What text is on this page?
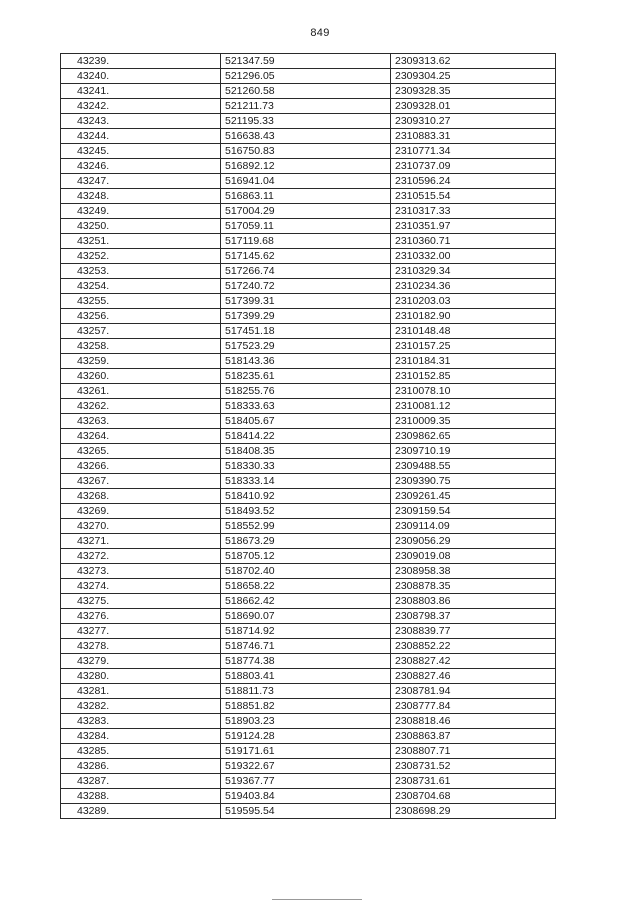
849
43239.	521347.59	2309313.62
43240.	521296.05	2309304.25
43241.	521260.58	2309328.35
43242.	521211.73	2309328.01
43243.	521195.33	2309310.27
43244.	516638.43	2310883.31
43245.	516750.83	2310771.34
43246.	516892.12	2310737.09
43247.	516941.04	2310596.24
43248.	516863.11	2310515.54
43249.	517004.29	2310317.33
43250.	517059.11	2310351.97
43251.	517119.68	2310360.71
43252.	517145.62	2310332.00
43253.	517266.74	2310329.34
43254.	517240.72	2310234.36
43255.	517399.31	2310203.03
43256.	517399.29	2310182.90
43257.	517451.18	2310148.48
43258.	517523.29	2310157.25
43259.	518143.36	2310184.31
43260.	518235.61	2310152.85
43261.	518255.76	2310078.10
43262.	518333.63	2310081.12
43263.	518405.67	2310009.35
43264.	518414.22	2309862.65
43265.	518408.35	2309710.19
43266.	518330.33	2309488.55
43267.	518333.14	2309390.75
43268.	518410.92	2309261.45
43269.	518493.52	2309159.54
43270.	518552.99	2309114.09
43271.	518673.29	2309056.29
43272.	518705.12	2309019.08
43273.	518702.40	2308958.38
43274.	518658.22	2308878.35
43275.	518662.42	2308803.86
43276.	518690.07	2308798.37
43277.	518714.92	2308839.77
43278.	518746.71	2308852.22
43279.	518774.38	2308827.42
43280.	518803.41	2308827.46
43281.	518811.73	2308781.94
43282.	518851.82	2308777.84
43283.	518903.23	2308818.46
43284.	519124.28	2308863.87
43285.	519171.61	2308807.71
43286.	519322.67	2308731.52
43287.	519367.77	2308731.61
43288.	519403.84	2308704.68
43289.	519595.54	2308698.29
